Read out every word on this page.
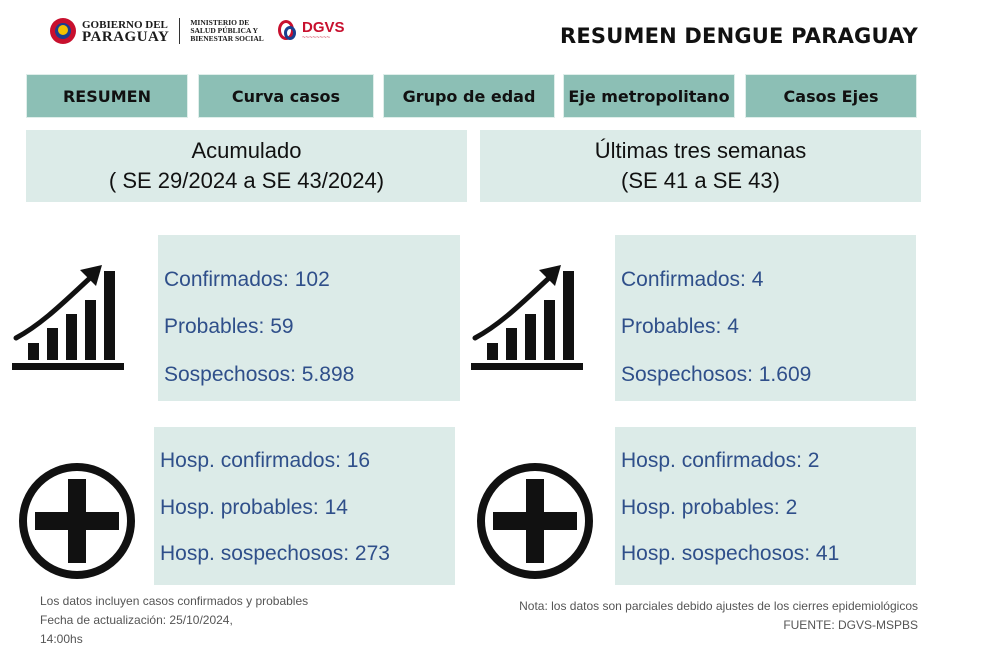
GOBIERNO DEL
PARAGUAY
MINISTERIO DE
SALUD PÚBLICA Y
BIENESTAR SOCIAL
DGVS
~~~~~~~~	RESUMEN DENGUE PARAGUAY
RESUMEN	Curva casos	Grupo de edad	Eje metropolitano	Casos Ejes
Acumulado
( SE 29/2024 a SE 43/2024)
Últimas tres semanas
(SE 41 a SE 43)
Confirmados: 102
Probables: 59
Sospechosos: 5.898
Confirmados: 4
Probables: 4
Sospechosos: 1.609
Hosp. confirmados: 16
Hosp. probables: 14
Hosp. sospechosos: 273
Hosp. confirmados: 2
Hosp. probables: 2
Hosp. sospechosos: 41
Los datos incluyen casos confirmados y probables
Fecha de actualización: 25/10/2024,
14:00hs
Nota: los datos son parciales debido ajustes de los cierres epidemiológicos
FUENTE: DGVS-MSPBS
